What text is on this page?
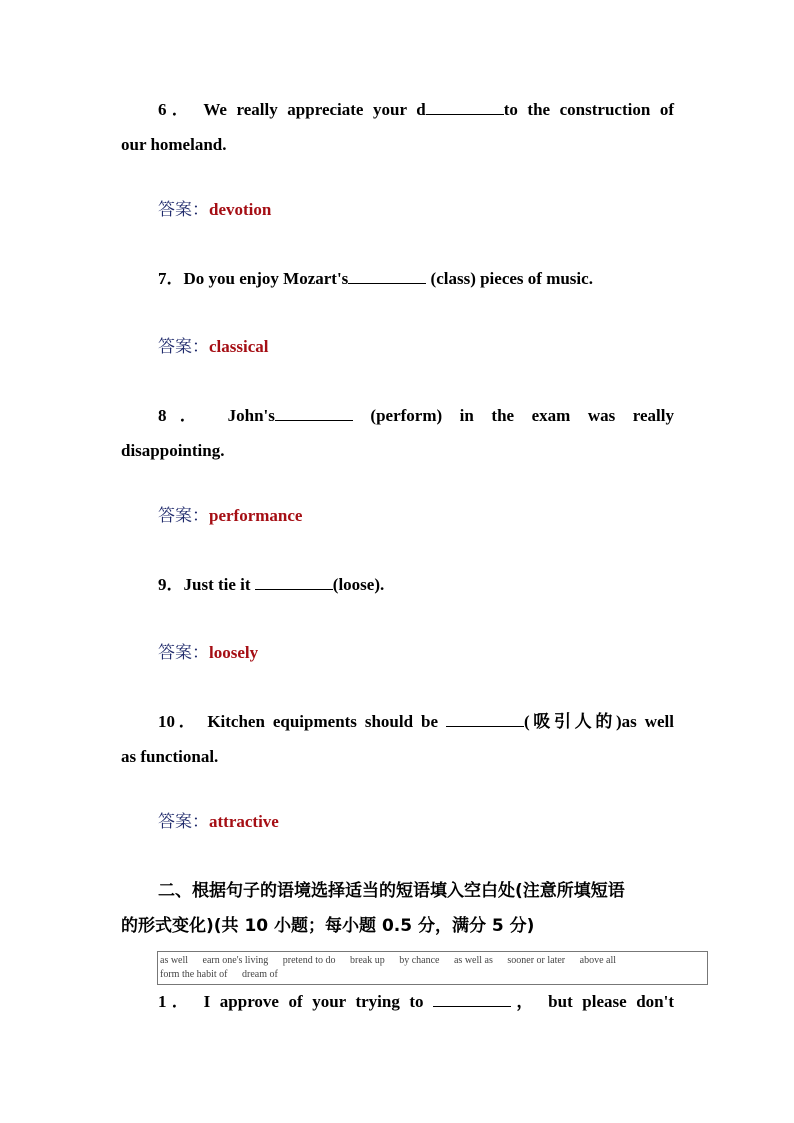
6． We really appreciate your d	to the construction of
our homeland.
答案：devotion
7．Do you enjoy Mozart's	(class) pieces of music.
答案：classical
8． John's	(perform) in the exam was really
disappointing.
答案：performance
9．Just tie it	(loose).
答案：loosely
10． Kitchen equipments should be	(吸引人的)as well
as functional.
答案：attractive
二、根据句子的语境选择适当的短语填入空白处(注意所填短语
的形式变化)(共 10 小题；每小题 0.5 分，满分 5 分)
as well earn one's living pretend to do break up by chance as well as sooner or later above all form the habit of dream of
1． I approve of your trying to	， but please don't
